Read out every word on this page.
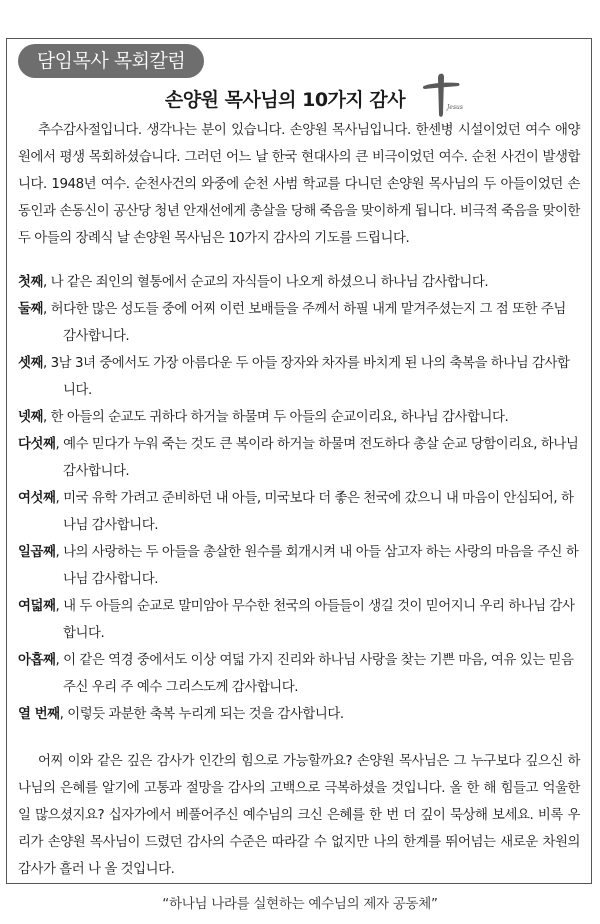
담임목사 목회칼럼
손양원 목사님의 10가지 감사	Jesus

추수감사절입니다. 생각나는 분이 있습니다. 손양원 목사님입니다. 한센병 시설이었던 여수 애양원에서 평생 목회하셨습니다. 그러던 어느 날 한국 현대사의 큰 비극이었던 여수. 순천 사건이 발생합니다. 1948년 여수. 순천사건의 와중에 순천 사범 학교를 다니던 손양원 목사님의 두 아들이었던 손동인과 손동신이 공산당 청년 안재선에게 총살을 당해 죽음을 맞이하게 됩니다. 비극적 죽음을 맞이한 두 아들의 장례식 날 손양원 목사님은 10가지 감사의 기도를 드립니다.

첫째, 나 같은 죄인의 혈통에서 순교의 자식들이 나오게 하셨으니 하나님 감사합니다.

둘째, 허다한 많은 성도들 중에 어찌 이런 보배들을 주께서 하필 내게 맡겨주셨는지 그 점 또한 주님 감사합니다.

셋째, 3남 3녀 중에서도 가장 아름다운 두 아들 장자와 차자를 바치게 된 나의 축복을 하나님 감사합니다.

넷째, 한 아들의 순교도 귀하다 하거늘 하물며 두 아들의 순교이리요, 하나님 감사합니다.

다섯째, 예수 믿다가 누워 죽는 것도 큰 복이라 하거늘 하물며 전도하다 총살 순교 당함이리요, 하나님 감사합니다.

여섯째, 미국 유학 가려고 준비하던 내 아들, 미국보다 더 좋은 천국에 갔으니 내 마음이 안심되어, 하나님 감사합니다.

일곱째, 나의 사랑하는 두 아들을 총살한 원수를 회개시켜 내 아들 삼고자 하는 사랑의 마음을 주신 하나님 감사합니다.

여덟째, 내 두 아들의 순교로 말미암아 무수한 천국의 아들들이 생길 것이 믿어지니 우리 하나님 감사합니다.

아홉째, 이 같은 역경 중에서도 이상 여덟 가지 진리와 하나님 사랑을 찾는 기쁜 마음, 여유 있는 믿음 주신 우리 주 예수 그리스도께 감사합니다.

열 번째, 이렇듯 과분한 축복 누리게 되는 것을 감사합니다.

어찌 이와 같은 깊은 감사가 인간의 힘으로 가능할까요? 손양원 목사님은 그 누구보다 깊으신 하나님의 은혜를 알기에 고통과 절망을 감사의 고백으로 극복하셨을 것입니다. 올 한 해 힘들고 억울한 일 많으셨지요? 십자가에서 베풀어주신 예수님의 크신 은혜를 한 번 더 깊이 묵상해 보세요. 비록 우리가 손양원 목사님이 드렸던 감사의 수준은 따라갈 수 없지만 나의 한계를 뛰어넘는 새로운 차원의 감사가 흘러 나 올 것입니다.

“하나님 나라를 실현하는 예수님의 제자 공동체”
